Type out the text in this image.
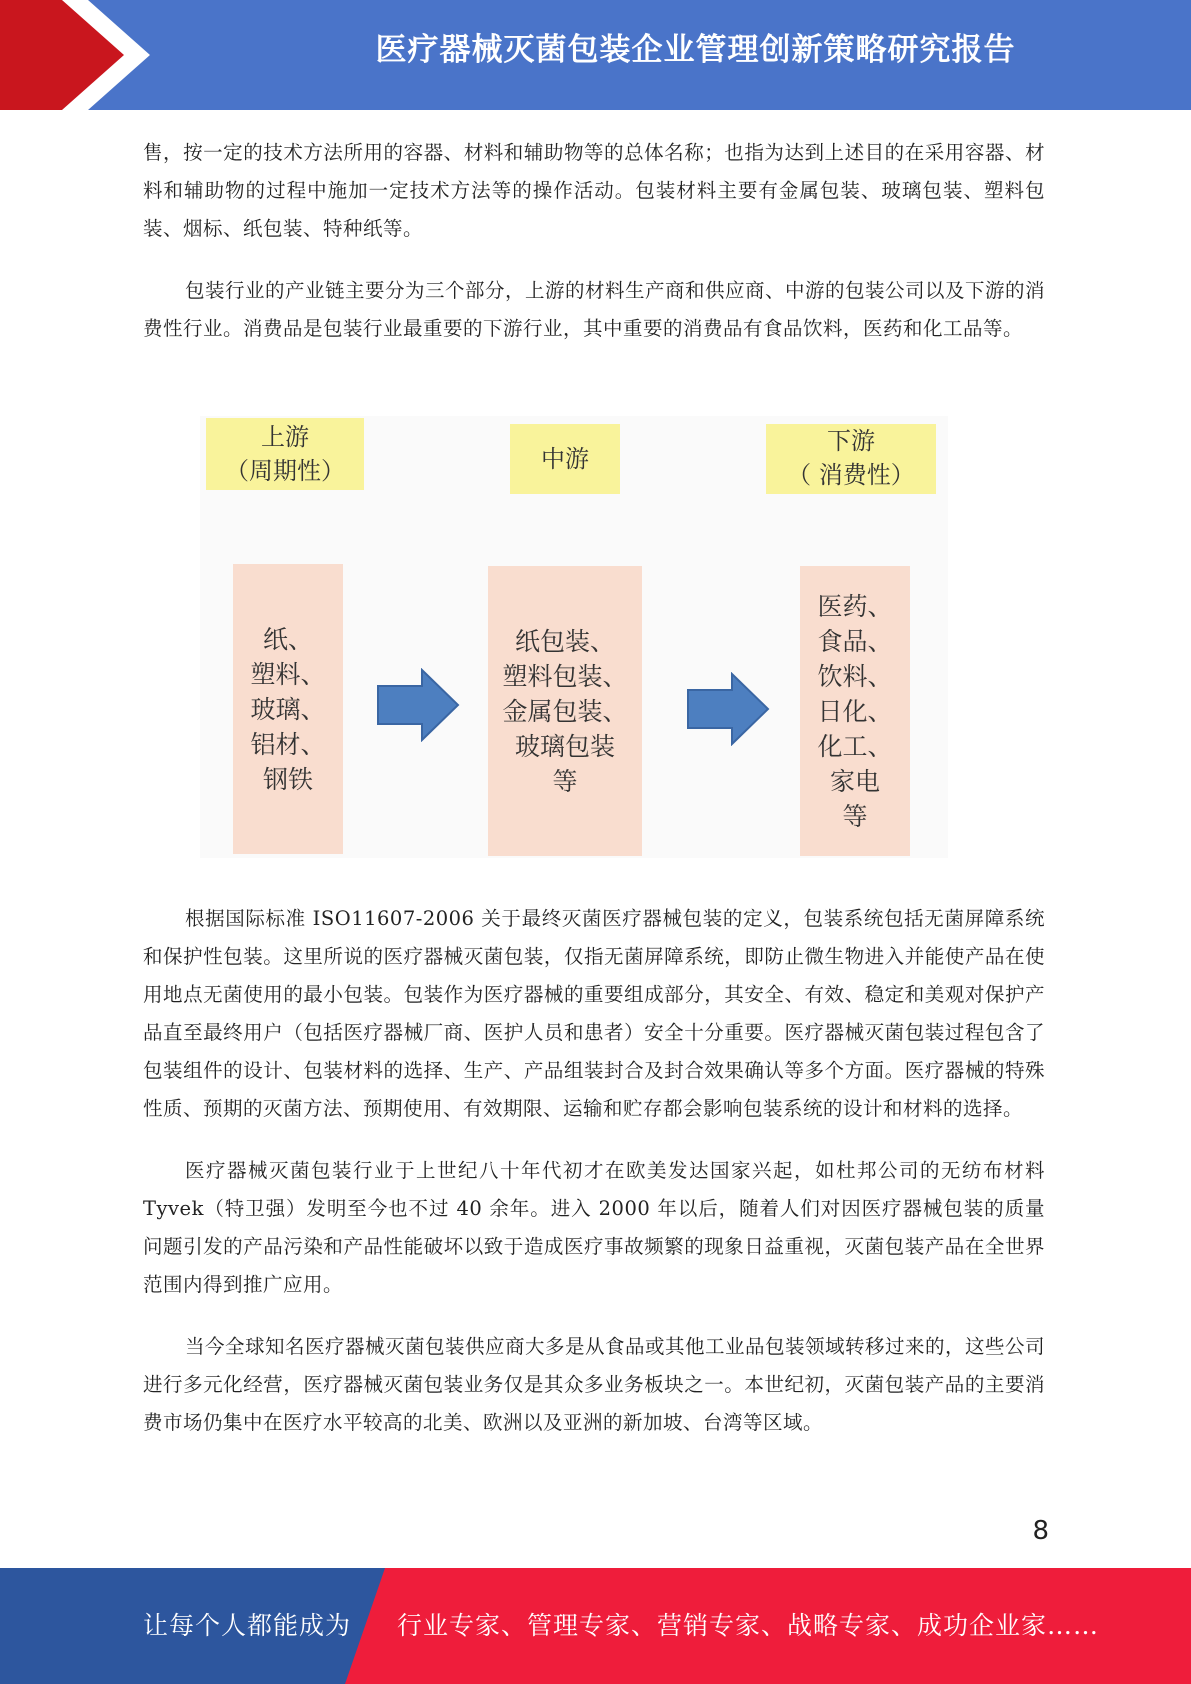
医疗器械灭菌包装企业管理创新策略研究报告

售，按一定的技术方法所用的容器、材料和辅助物等的总体名称；也指为达到上述目的在采用容器、材料和辅助物的过程中施加一定技术方法等的操作活动。包装材料主要有金属包装、玻璃包装、塑料包装、烟标、纸包装、特种纸等。

包装行业的产业链主要分为三个部分，上游的材料生产商和供应商、中游的包装公司以及下游的消费性行业。消费品是包装行业最重要的下游行业，其中重要的消费品有食品饮料，医药和化工品等。

上游
（周期性）	中游
下游
（ 消费性）
纸、
塑料、
玻璃、
铝材、
钢铁
纸包装、
塑料包装、
金属包装、
玻璃包装
等
医药、
食品、
饮料、
日化、
化工、
家电
等

根据国际标准 ISO11607-2006 关于最终灭菌医疗器械包装的定义，包装系统包括无菌屏障系统和保护性包装。这里所说的医疗器械灭菌包装，仅指无菌屏障系统，即防止微生物进入并能使产品在使用地点无菌使用的最小包装。包装作为医疗器械的重要组成部分，其安全、有效、稳定和美观对保护产品直至最终用户（包括医疗器械厂商、医护人员和患者）安全十分重要。医疗器械灭菌包装过程包含了包装组件的设计、包装材料的选择、生产、产品组装封合及封合效果确认等多个方面。医疗器械的特殊性质、预期的灭菌方法、预期使用、有效期限、运输和贮存都会影响包装系统的设计和材料的选择。

医疗器械灭菌包装行业于上世纪八十年代初才在欧美发达国家兴起，如杜邦公司的无纺布材料 Tyvek（特卫强）发明至今也不过 40 余年。进入 2000 年以后，随着人们对因医疗器械包装的质量问题引发的产品污染和产品性能破坏以致于造成医疗事故频繁的现象日益重视，灭菌包装产品在全世界范围内得到推广应用。

当今全球知名医疗器械灭菌包装供应商大多是从食品或其他工业品包装领域转移过来的，这些公司进行多元化经营，医疗器械灭菌包装业务仅是其众多业务板块之一。本世纪初，灭菌包装产品的主要消费市场仍集中在医疗水平较高的北美、欧洲以及亚洲的新加坡、台湾等区域。

8
让每个人都能成为 行业专家、管理专家、营销专家、战略专家、成功企业家……
